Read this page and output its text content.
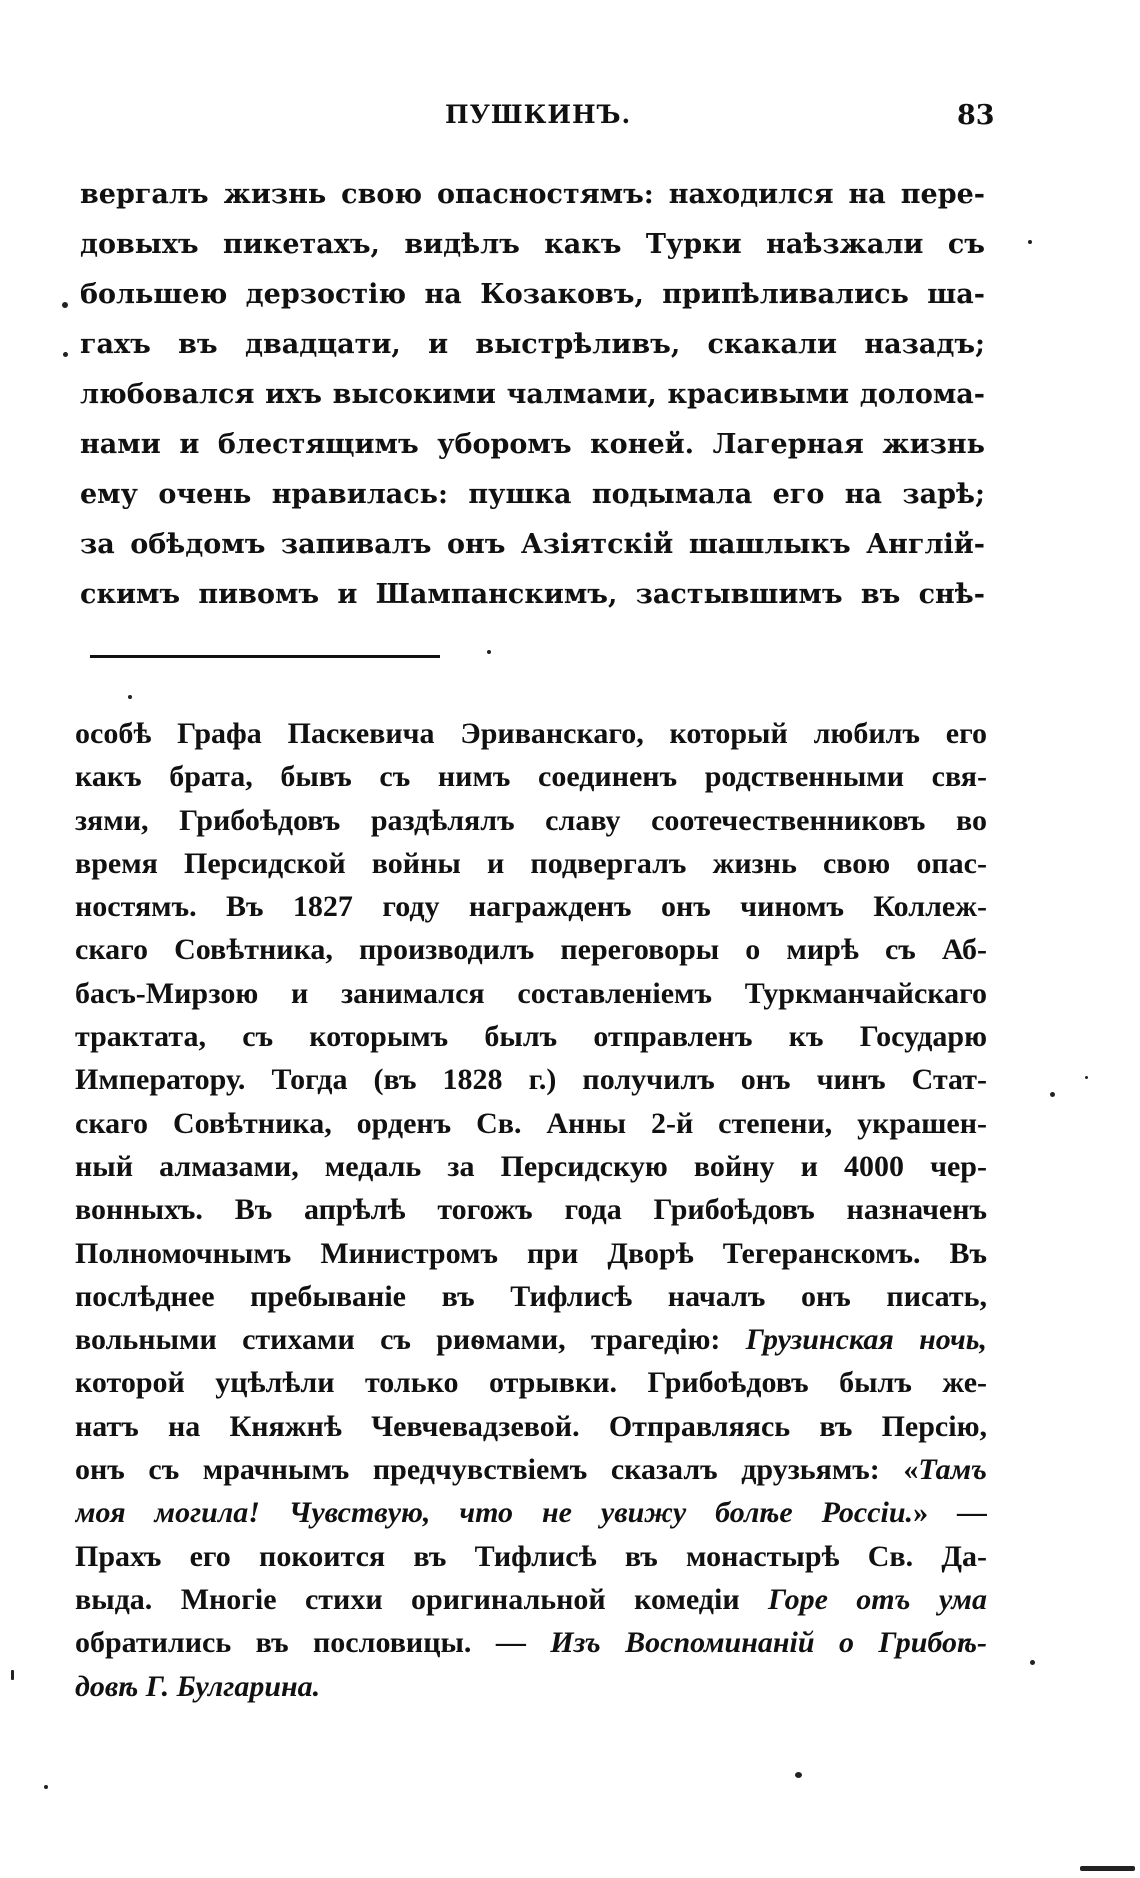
ПУШКИНЪ.	83
вергалъ жизнь свою опасностямъ: находился на пере-
довыхъ пикетахъ, видѣлъ какъ Турки наѣзжали съ
большею дерзостію на Козаковъ, припѣливались ша-
гахъ въ двадцати, и выстрѣливъ, скакали назадъ;
любовался ихъ высокими чалмами, красивыми долома-
нами и блестящимъ уборомъ коней. Лагерная жизнь
ему очень нравилась: пушка подымала его на зарѣ;
за обѣдомъ запивалъ онъ Азіятскій шашлыкъ Англій-
скимъ пивомъ и Шампанскимъ, застывшимъ въ снѣ-
особѣ Графа Паскевича Эриванскаго, который любилъ его
какъ брата, бывъ съ нимъ соединенъ родственными свя-
зями, Грибоѣдовъ раздѣлялъ славу соотечественниковъ во
время Персидской войны и подвергалъ жизнь свою опас-
ностямъ. Въ 1827 году награжденъ онъ чиномъ Коллеж-
скаго Совѣтника, производилъ переговоры о мирѣ съ Аб-
басъ-Мирзою и занимался составленіемъ Туркманчайскаго
трактата, съ которымъ былъ отправленъ къ Государю
Императору. Тогда (въ 1828 г.) получилъ онъ чинъ Стат-
скаго Совѣтника, орденъ Св. Анны 2-й степени, украшен-
ный алмазами, медаль за Персидскую войну и 4000 чер-
вонныхъ. Въ апрѣлѣ тогожъ года Грибоѣдовъ назначенъ
Полномочнымъ Министромъ при Дворѣ Тегеранскомъ. Въ
послѣднее пребываніе въ Тифлисѣ началъ онъ писать,
вольными стихами съ риѳмами, трагедію: Грузинская ночь,
которой уцѣлѣли только отрывки. Грибоѣдовъ былъ же-
натъ на Княжнѣ Чевчевадзевой. Отправляясь въ Персію,
онъ съ мрачнымъ предчувствіемъ сказалъ друзьямъ: «Тамъ
моя могила! Чувствую, что не увижу болѣе Россіи.» —
Прахъ его покоится въ Тифлисѣ въ монастырѣ Св. Да-
выда. Многіе стихи оригинальной комедіи Горе отъ ума
обратились въ пословицы. — Изъ Воспоминаній о Грибоѣ-
довѣ Г. Булгарина.
